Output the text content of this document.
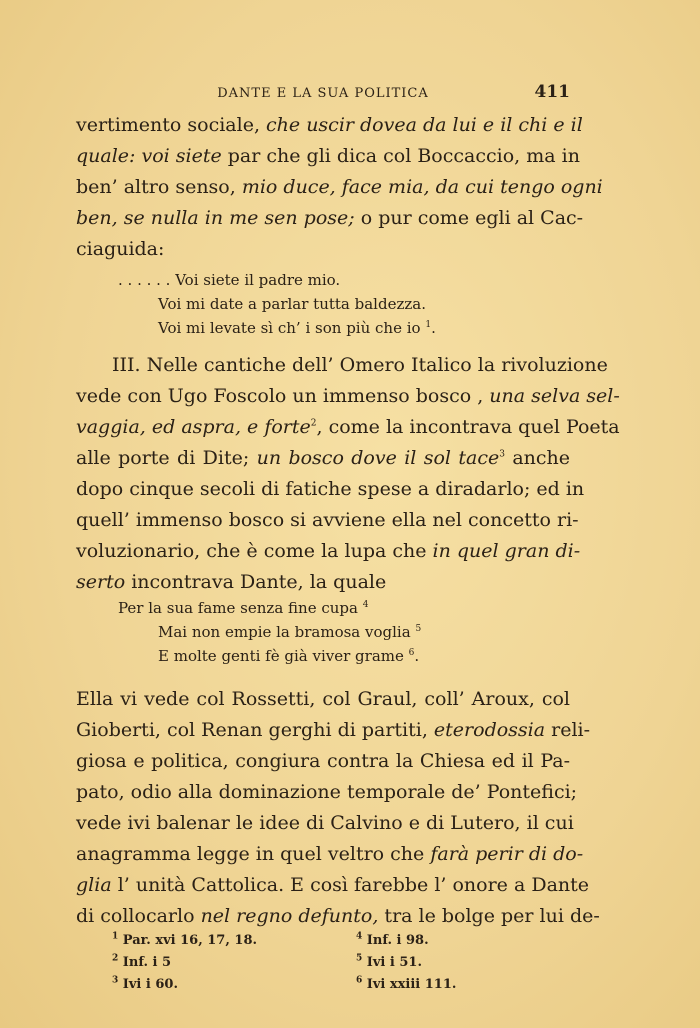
DANTE E LA SUA POLITICA	411
vertimento sociale, che uscir dovea da lui e il chi e il
quale: voi siete par che gli dica col Boccaccio, ma in
ben’ altro senso, mio duce, face mia, da cui tengo ogni
ben, se nulla in me sen pose; o pur come egli al Cac-
ciaguida:
. . . . . . Voi siete il padre mio.
Voi mi date a parlar tutta baldezza.
Voi mi levate sì ch’ i son più che io $^1$.
III. Nelle cantiche dell’ Omero Italico la rivoluzione
vede con Ugo Foscolo un immenso bosco , una selva sel-
vaggia, ed aspra, e forte$^2$, come la incontrava quel Poeta
alle porte di Dite; un bosco dove il sol tace$^3$ anche
dopo cinque secoli di fatiche spese a diradarlo; ed in
quell’ immenso bosco si avviene ella nel concetto ri-
voluzionario, che è come la lupa che in quel gran di-
serto incontrava Dante, la quale
Per la sua fame senza fine cupa $^4$
Mai non empie la bramosa voglia $^5$
E molte genti fè già viver grame $^6$.
Ella vi vede col Rossetti, col Graul, coll’ Aroux, col
Gioberti, col Renan gerghi di partiti, eterodossia reli-
giosa e politica, congiura contra la Chiesa ed il Pa-
pato, odio alla dominazione temporale de’ Pontefici;
vede ivi balenar le idee di Calvino e di Lutero, il cui
anagramma legge in quel veltro che farà perir di do-
glia l’ unità Cattolica. E così farebbe l’ onore a Dante
di collocarlo nel regno defunto, tra le bolge per lui de-
$^1$ Par. xvi 16, 17, 18.
$^2$ Inf. i 5
$^3$ Ivi i 60.
$^4$ Inf. i 98.
$^5$ Ivi i 51.
$^6$ Ivi xxiii 111.
